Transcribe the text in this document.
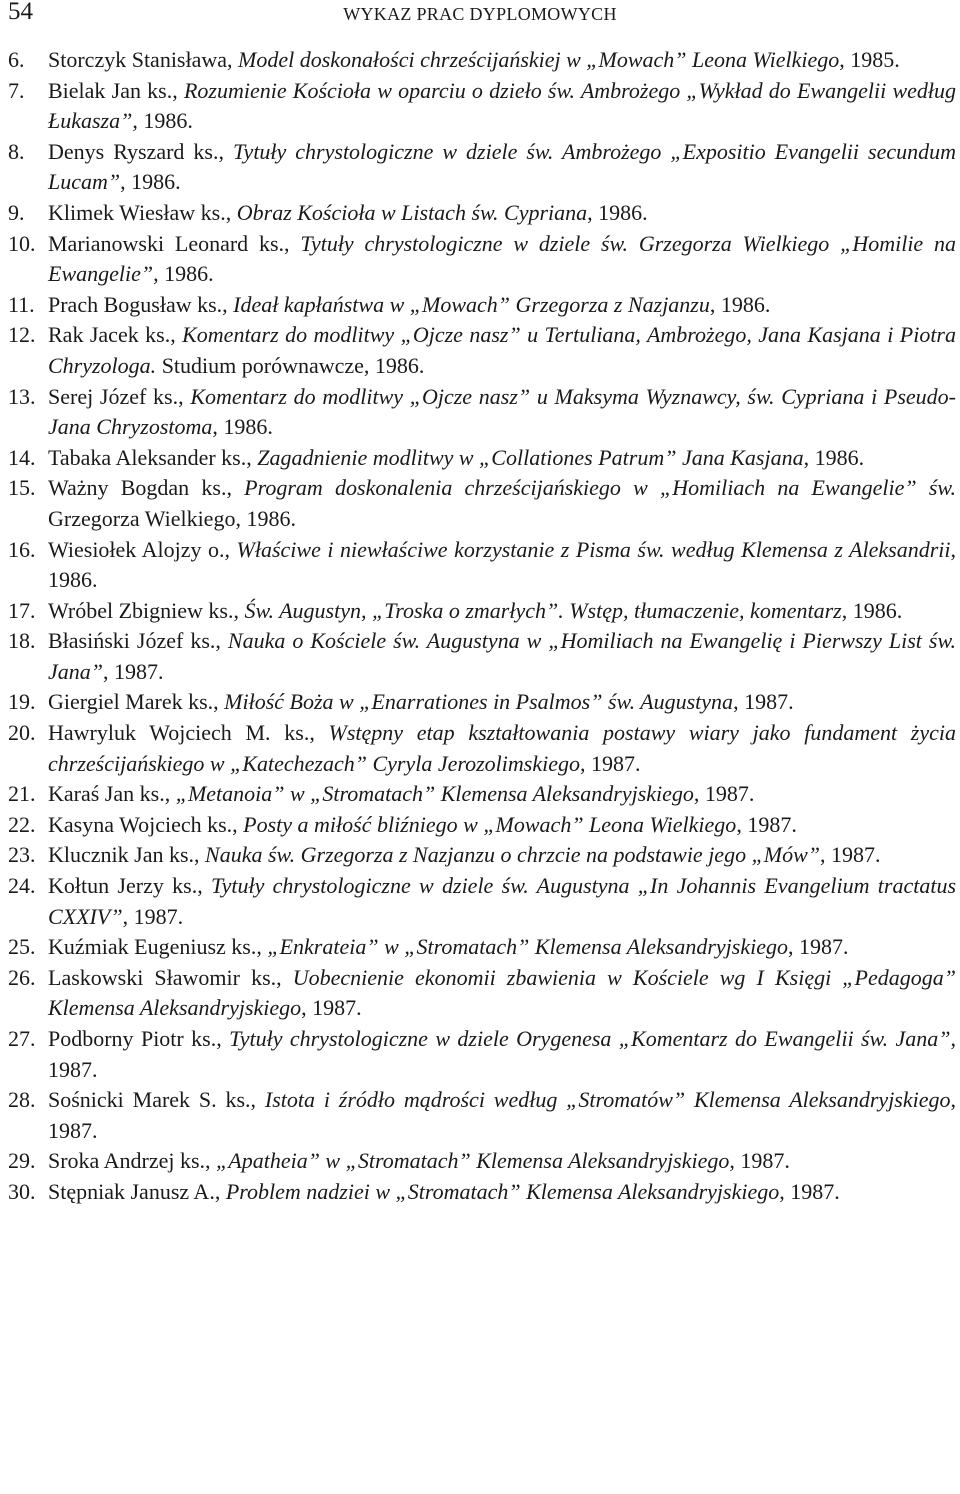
54	WYKAZ PRAC DYPLOMOWYCH
6.	Storczyk Stanisława, Model doskonałości chrześcijańskiej w „Mowach” Leona Wielkiego, 1985.
7.	Bielak Jan ks., Rozumienie Kościoła w oparciu o dzieło św. Ambrożego „Wykład do Ewangelii według Łukasza”, 1986.
8.	Denys Ryszard ks., Tytuły chrystologiczne w dziele św. Ambrożego „Expositio Evangelii secundum Lucam”, 1986.
9.	Klimek Wiesław ks., Obraz Kościoła w Listach św. Cypriana, 1986.
10. Marianowski Leonard ks., Tytuły chrystologiczne w dziele św. Grzegorza Wielkiego „Homilie na Ewangelie”, 1986.
11. Prach Bogusław ks., Ideał kapłaństwa w „Mowach” Grzegorza z Nazjanzu, 1986.
12. Rak Jacek ks., Komentarz do modlitwy „Ojcze nasz” u Tertuliana, Ambrożego, Jana Kasjana i Piotra Chryzologa. Studium porównawcze, 1986.
13. Serej Józef ks., Komentarz do modlitwy „Ojcze nasz” u Maksyma Wyznawcy, św. Cypriana i Pseudo-Jana Chryzostoma, 1986.
14. Tabaka Aleksander ks., Zagadnienie modlitwy w „Collationes Patrum” Jana Kasjana, 1986.
15. Ważny Bogdan ks., Program doskonalenia chrześcijańskiego w „Homiliach na Ewangelie” św. Grzegorza Wielkiego, 1986.
16. Wiesiołek Alojzy o., Właściwe i niewłaściwe korzystanie z Pisma św. według Klemensa z Aleksandrii, 1986.
17. Wróbel Zbigniew ks., Św. Augustyn, „Troska o zmarłych”. Wstęp, tłumaczenie, komentarz, 1986.
18. Błasiński Józef ks., Nauka o Kościele św. Augustyna w „Homiliach na Ewangelię i Pierwszy List św. Jana”, 1987.
19. Giergiel Marek ks., Miłość Boża w „Enarrationes in Psalmos” św. Augustyna, 1987.
20. Hawryluk Wojciech M. ks., Wstępny etap kształtowania postawy wiary jako fundament życia chrześcijańskiego w „Katechezach” Cyryla Jerozolimskiego, 1987.
21. Karaś Jan ks., „Metanoia” w „Stromatach” Klemensa Aleksandryjskiego, 1987.
22. Kasyna Wojciech ks., Posty a miłość bliźniego w „Mowach” Leona Wielkiego, 1987.
23. Klucznik Jan ks., Nauka św. Grzegorza z Nazjanzu o chrzcie na podstawie jego „Mów”, 1987.
24. Kołtun Jerzy ks., Tytuły chrystologiczne w dziele św. Augustyna „In Johannis Evangelium tractatus CXXIV”, 1987.
25. Kuźmiak Eugeniusz ks., „Enkrateia” w „Stromatach” Klemensa Aleksandryjskiego, 1987.
26. Laskowski Sławomir ks., Uobecnienie ekonomii zbawienia w Kościele wg I Księgi „Pedagoga” Klemensa Aleksandryjskiego, 1987.
27. Podborny Piotr ks., Tytuły chrystologiczne w dziele Orygenesa „Komentarz do Ewangelii św. Jana”, 1987.
28. Sośnicki Marek S. ks., Istota i źródło mądrości według „Stromatów” Klemensa Aleksandryjskiego, 1987.
29. Sroka Andrzej ks., „Apatheia” w „Stromatach” Klemensa Aleksandryjskiego, 1987.
30. Stępniak Janusz A., Problem nadziei w „Stromatach” Klemensa Aleksandryjskiego, 1987.
